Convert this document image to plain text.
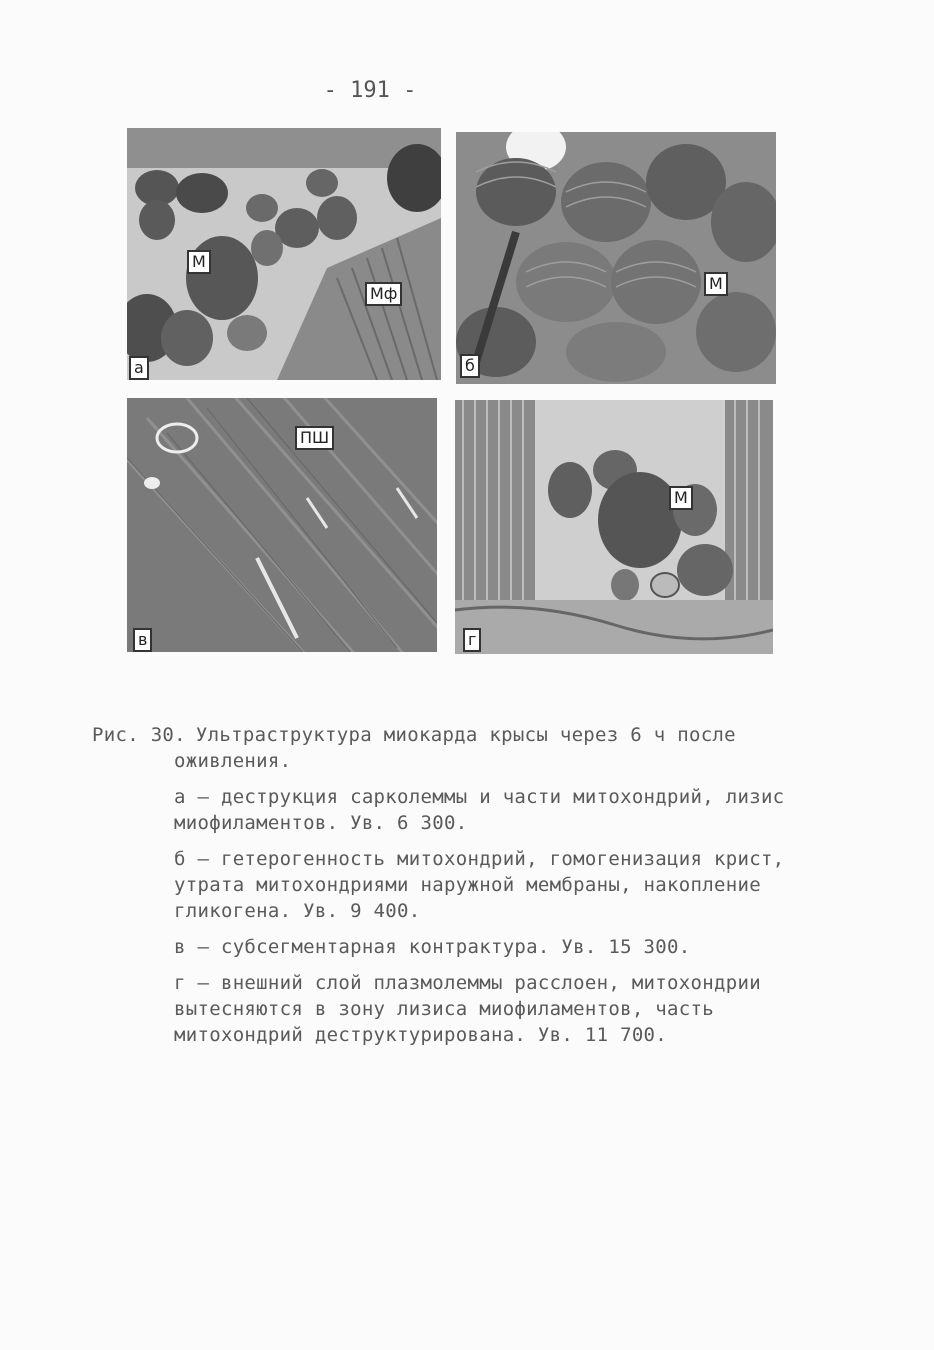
- 191 -
М
Мф
а
М
б
ПШ
в
М
г

Рис. 30. Ультраструктура миокарда крысы через 6 ч после

оживления.

а – деструкция сарколеммы и части митохондрий, лизис миофиламентов. Ув. 6 300.

б – гетерогенность митохондрий, гомогенизация крист, утрата митохондриями наружной мембраны, накопление гликогена. Ув. 9 400.

в – субсегментарная контрактура. Ув. 15 300.

г – внешний слой плазмолеммы расслоен, митохондрии вытесняются в зону лизиса миофиламентов, часть митохондрий деструктурирована. Ув. 11 700.
